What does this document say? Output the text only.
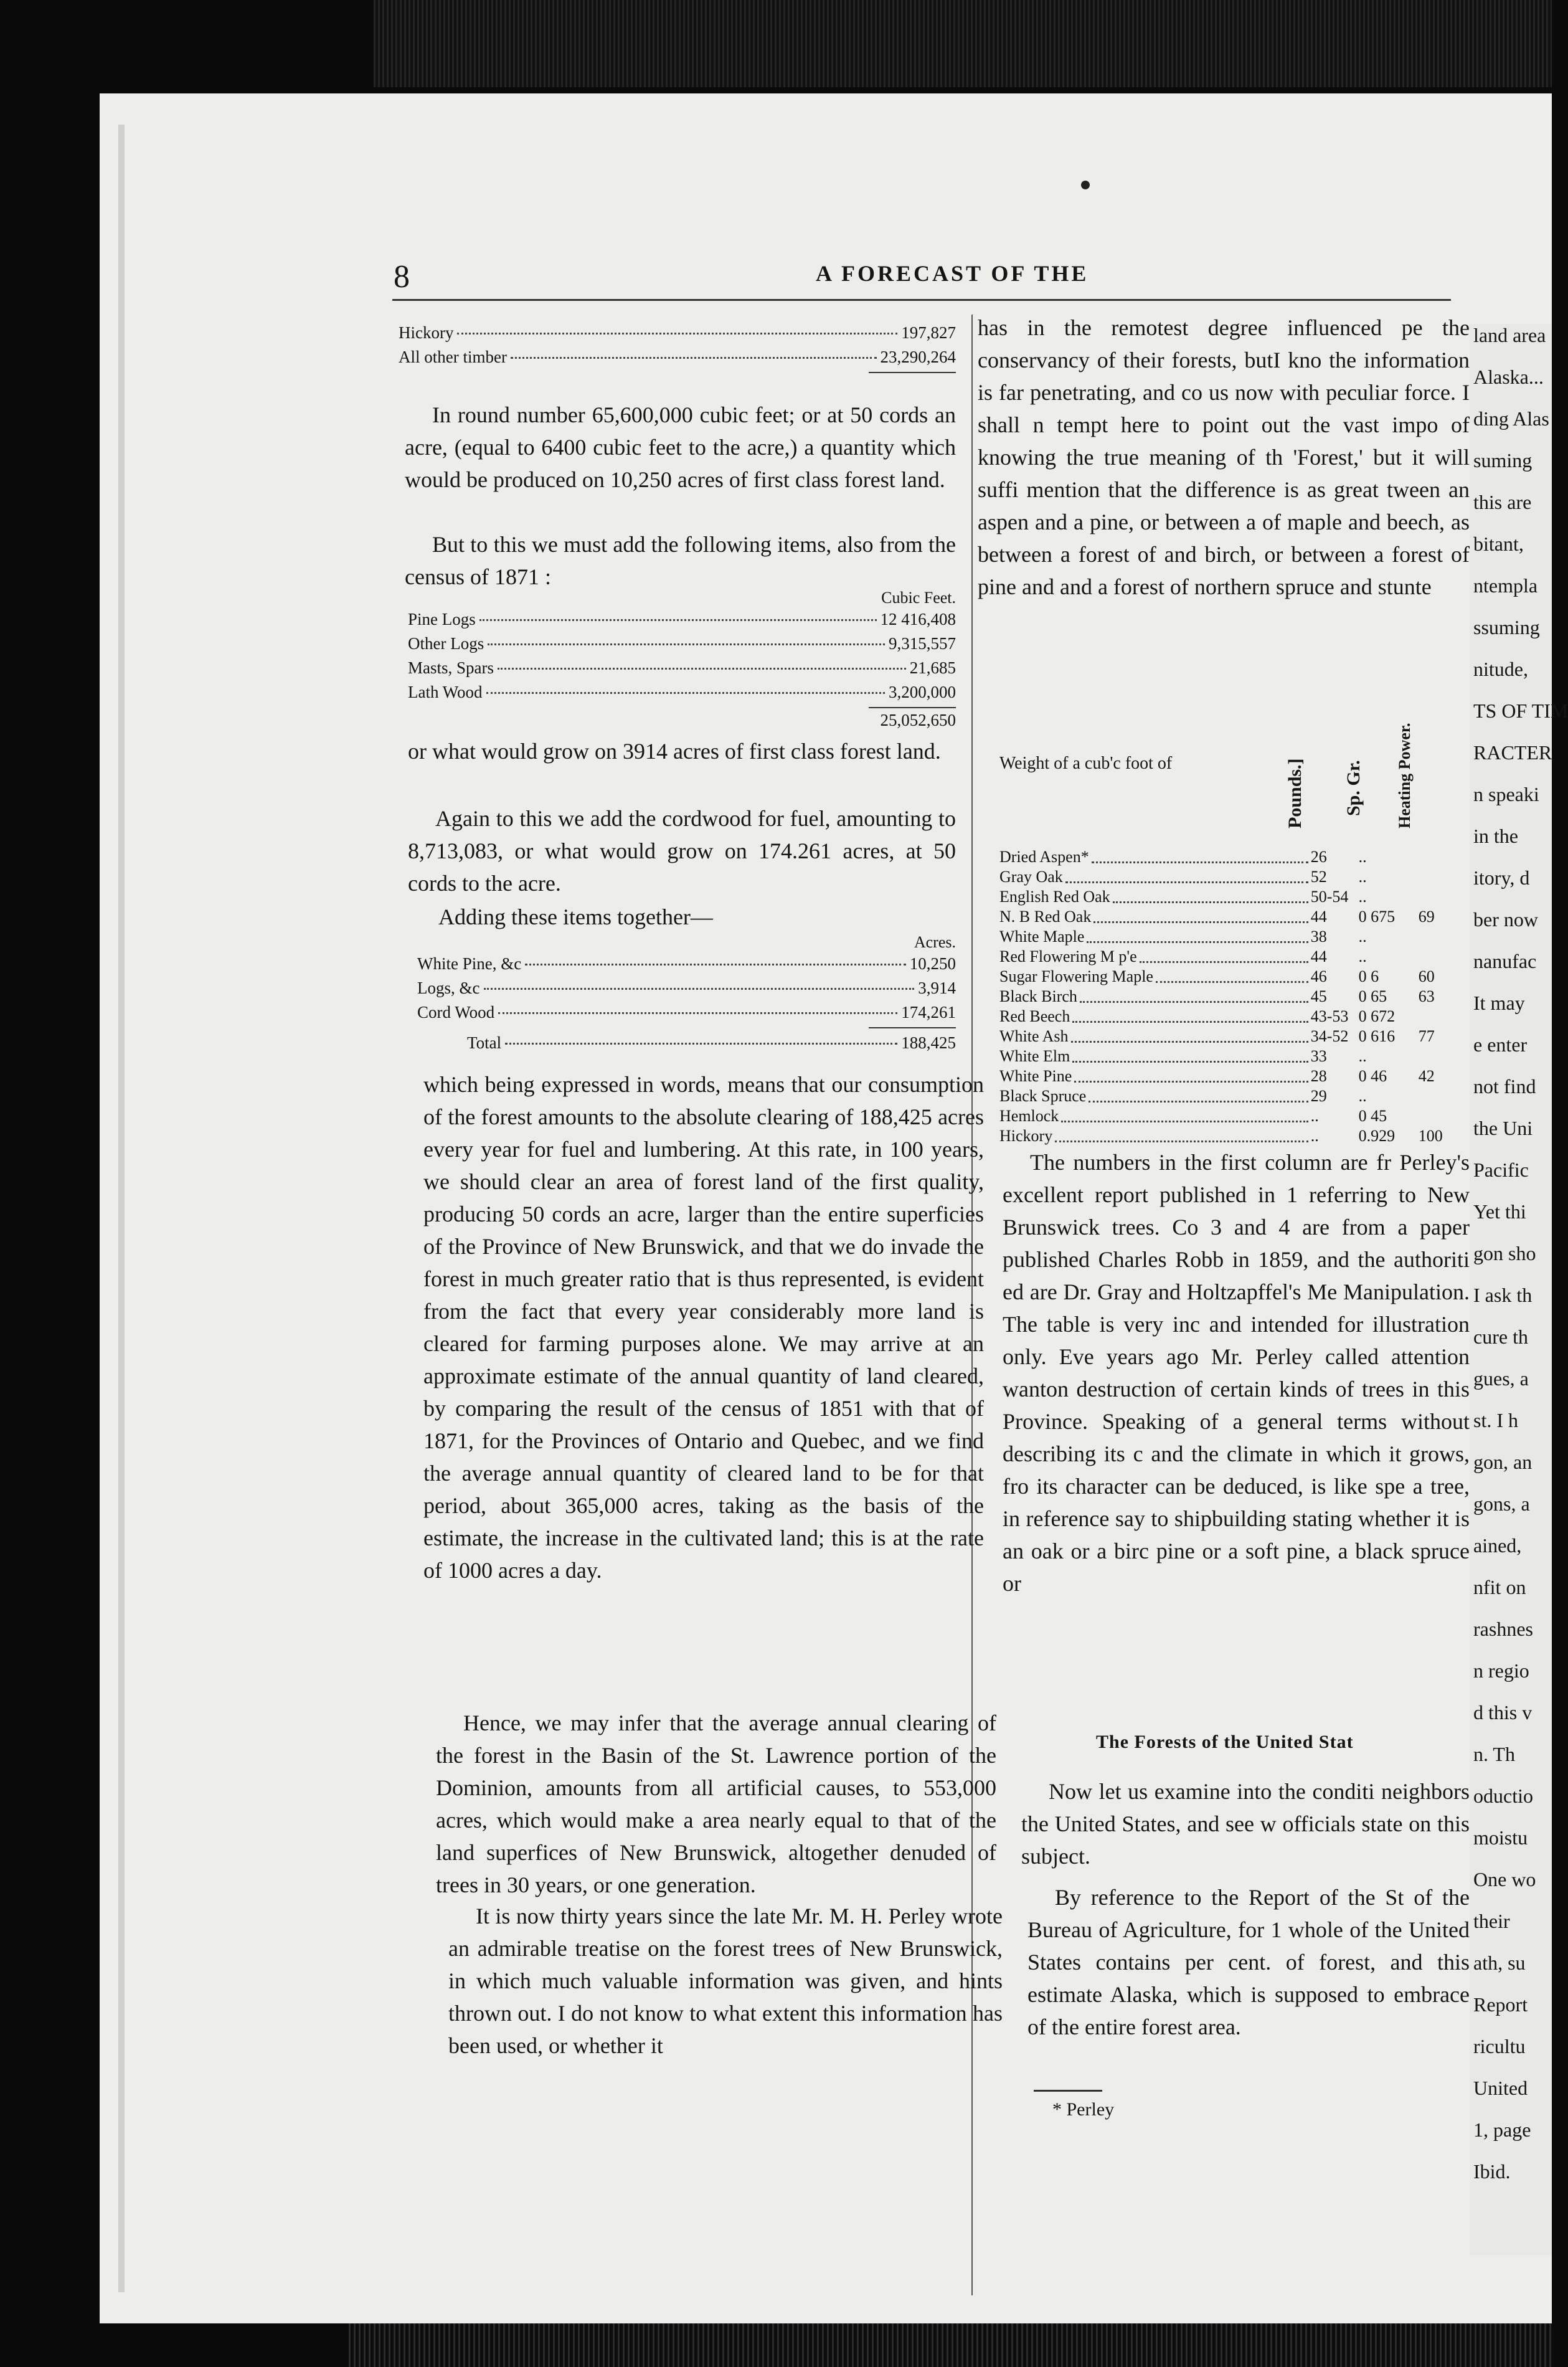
8	A FORECAST OF THE
Hickory	197,827
All other timber	23,290,264
In round number 65,600,000 cubic feet; or at 50 cords an acre, (equal to 6400 cubic feet to the acre,) a quantity which would be produced on 10,250 acres of first class forest land.
But to this we must add the following items, also from the census of 1871 :
Cubic Feet.
Pine Logs	12 416,408
Other Logs	9,315,557
Masts, Spars	21,685
Lath Wood	3,200,000
25,052,650
or what would grow on 3914 acres of first class forest land.
Again to this we add the cordwood for fuel, amounting to 8,713,083, or what would grow on 174.261 acres, at 50 cords to the acre.
Adding these items together—
Acres.
White Pine, &c	10,250
Logs, &c	3,914
Cord Wood	174,261
Total	188,425
which being expressed in words, means that our consumption of the forest amounts to the absolute clearing of 188,425 acres every year for fuel and lumbering. At this rate, in 100 years, we should clear an area of forest land of the first quality, producing 50 cords an acre, larger than the entire superficies of the Province of New Brunswick, and that we do invade the forest in much greater ratio that is thus represented, is evident from the fact that every year considerably more land is cleared for farming purposes alone. We may arrive at an approximate estimate of the annual quantity of land cleared, by comparing the result of the census of 1851 with that of 1871, for the Provinces of Ontario and Quebec, and we find the average annual quantity of cleared land to be for that period, about 365,000 acres, taking as the basis of the estimate, the increase in the cultivated land; this is at the rate of 1000 acres a day.
Hence, we may infer that the average annual clearing of the forest in the Basin of the St. Lawrence portion of the Dominion, amounts from all artificial causes, to 553,000 acres, which would make a area nearly equal to that of the land superfices of New Brunswick, altogether denuded of trees in 30 years, or one generation.
It is now thirty years since the late Mr. M. H. Perley wrote an admirable treatise on the forest trees of New Brunswick, in which much valuable information was given, and hints thrown out. I do not know to what extent this information has been used, or whether it
has in the remotest degree influenced pe the conservancy of their forests, butI kno the information is far penetrating, and co us now with peculiar force. I shall n tempt here to point out the vast impo of knowing the true meaning of th 'Forest,' but it will suffi mention that the difference is as great tween an aspen and a pine, or between a of maple and beech, as between a forest of and birch, or between a forest of pine and and a forest of northern spruce and stunte
Weight of a cub'c foot of	Pounds.] Sp. Gr. Heating Power.
Dried Aspen*	26	..
Gray Oak	52	..
English Red Oak	50-54 ..
N. B Red Oak	44	0 675	69
White Maple	38	..
Red Flowering M p'e	44	..
Sugar Flowering Maple	46	0 6	60
Black Birch	45	0 65	63
Red Beech	43-53 0 672
White Ash	34-52 0 616	77
White Elm	33	..
White Pine	28	0 46	42
Black Spruce	29	..
Hemlock	..	0 45
Hickory	..	0.929	100
The numbers in the first column are fr Perley's excellent report published in 1 referring to New Brunswick trees. Co 3 and 4 are from a paper published Charles Robb in 1859, and the authoriti ed are Dr. Gray and Holtzapffel's Me Manipulation. The table is very inc and intended for illustration only. Eve years ago Mr. Perley called attention wanton destruction of certain kinds of trees in this Province. Speaking of a general terms without describing its c and the climate in which it grows, fro its character can be deduced, is like spe a tree, in reference say to shipbuilding stating whether it is an oak or a birc pine or a soft pine, a black spruce or
The Forests of the United Stat
Now let us examine into the conditi neighbors the United States, and see w officials state on this subject.
By reference to the Report of the St of the Bureau of Agriculture, for 1 whole of the United States contains per cent. of forest, and this estimate Alaska, which is supposed to embrace of the entire forest area.
* Perley
land area
Alaska...
ding Alas
suming
this are
bitant,
ntempla
ssuming
nitude,
TS OF TIM
RACTER
n speaki
in the
itory, d
ber now
nanufac
It may
e enter
not find
the Uni
Pacific
Yet thi
gon sho
I ask th
cure th
gues, a
st. I h
gon, an
gons, a
ained,
nfit on
rashnes
n regio
d this v
n. Th
oductio
moistu
One wo
their
ath, su
Report
ricultu
United
1, page
Ibid.
